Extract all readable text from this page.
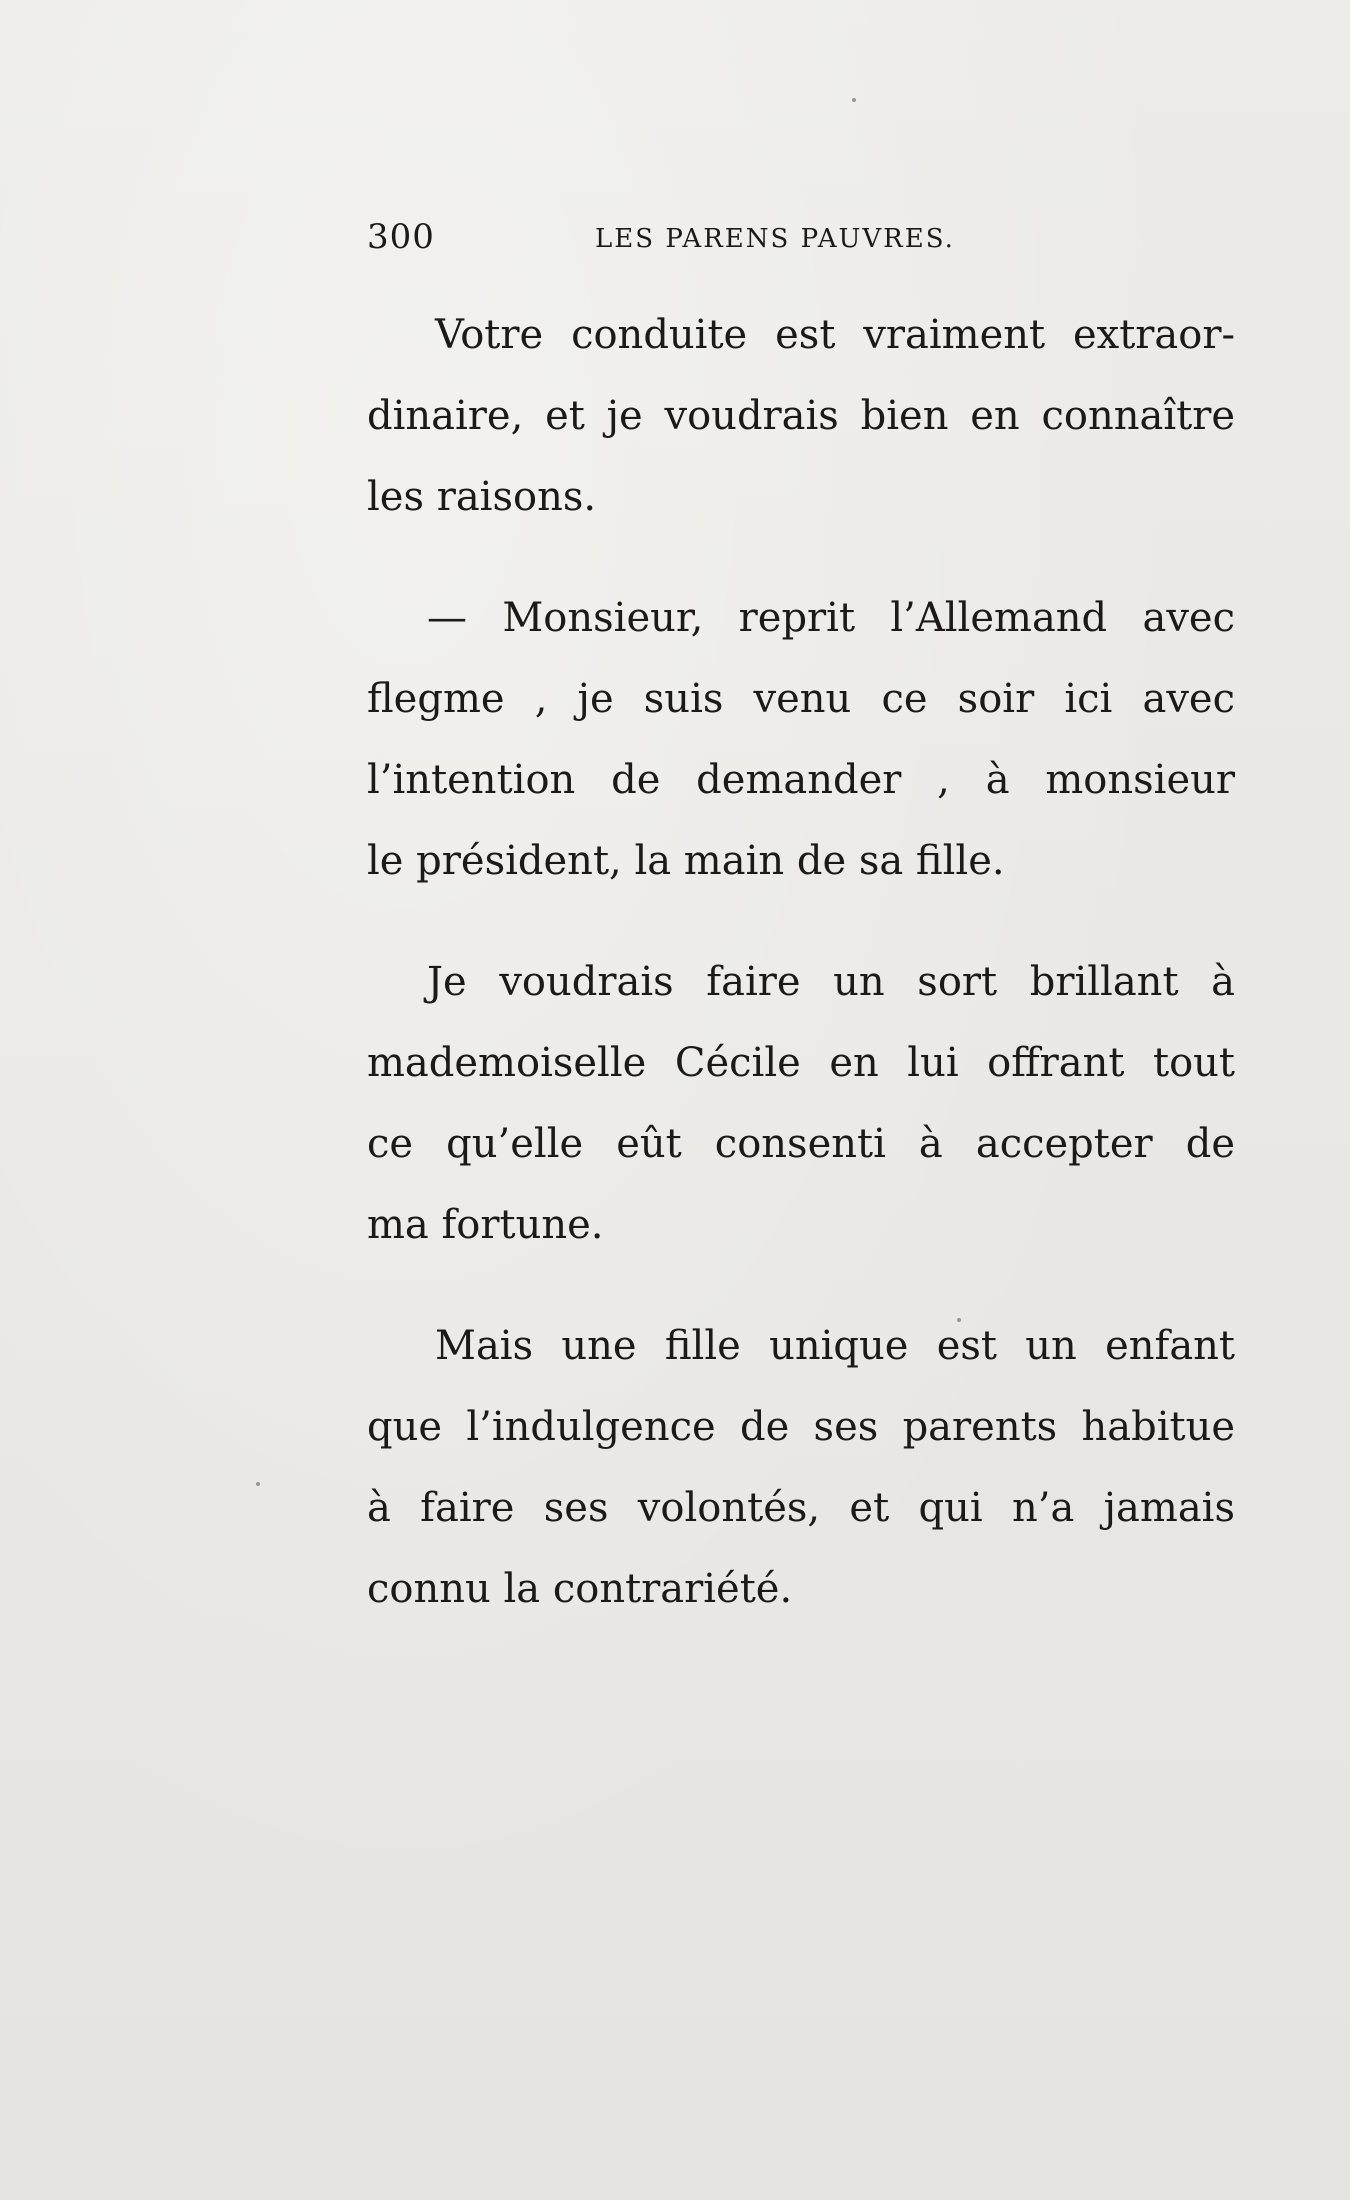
300	LES PARENS PAUVRES.
Votre conduite est vraiment extraor-
dinaire, et je voudrais bien en connaître
les raisons.
— Monsieur, reprit l’Allemand avec
flegme , je suis venu ce soir ici avec
l’intention de demander , à monsieur
le président, la main de sa fille.
Je voudrais faire un sort brillant à
mademoiselle Cécile en lui offrant tout
ce qu’elle eût consenti à accepter de
ma fortune.
Mais une fille unique est un enfant
que l’indulgence de ses parents habitue
à faire ses volontés, et qui n’a jamais
connu la contrariété.
